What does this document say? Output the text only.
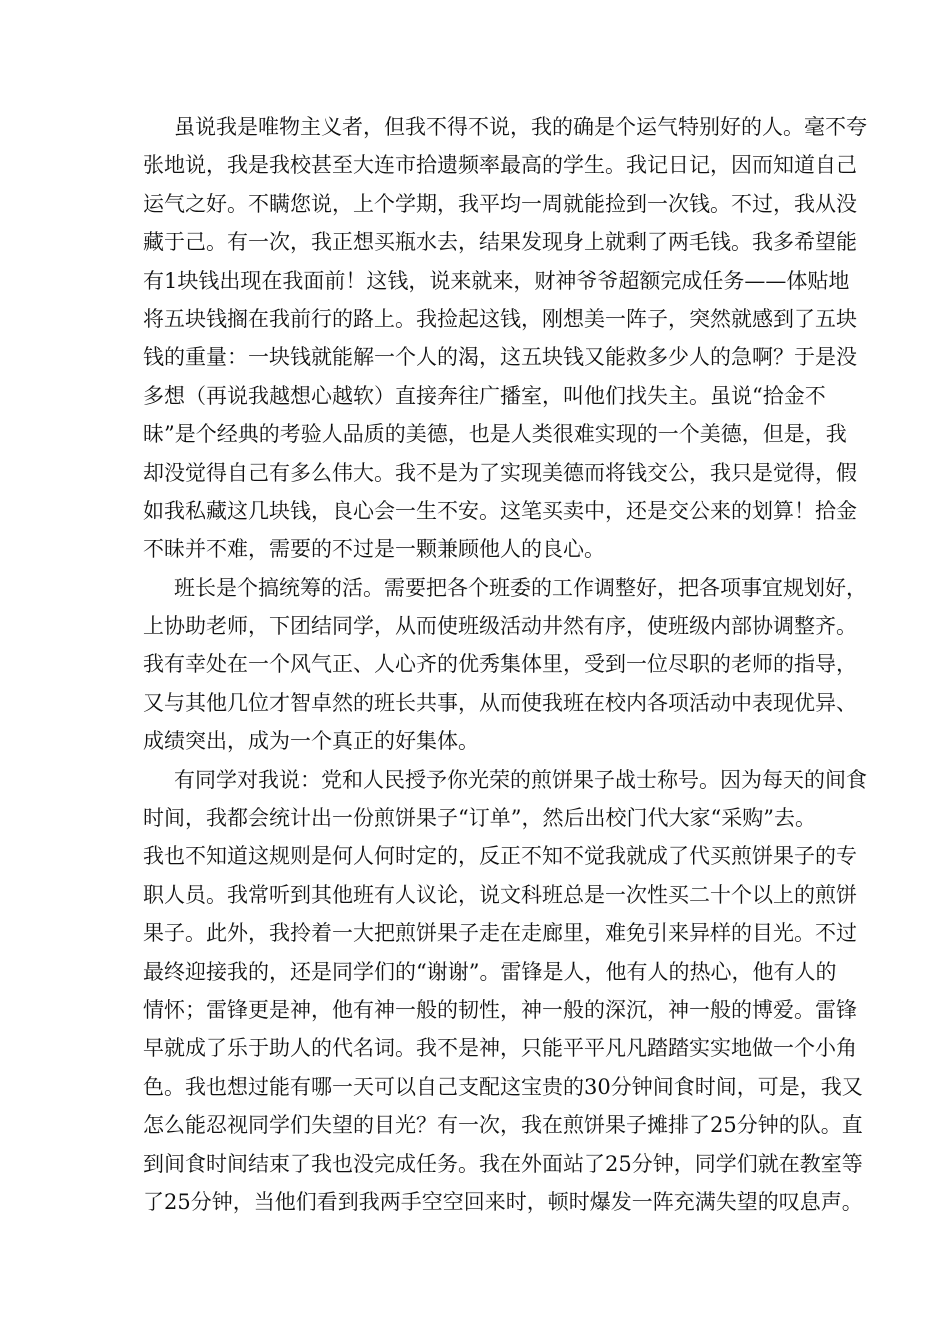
虽说我是唯物主义者，但我不得不说，我的确是个运气特别好的人。毫不夸
张地说，我是我校甚至大连市拾遗频率最高的学生。我记日记，因而知道自己
运气之好。不瞒您说，上个学期，我平均一周就能捡到一次钱。不过，我从没
藏于己。有一次，我正想买瓶水去，结果发现身上就剩了两毛钱。我多希望能
有1块钱出现在我面前！这钱，说来就来，财神爷爷超额完成任务——体贴地
将五块钱搁在我前行的路上。我捡起这钱，刚想美一阵子，突然就感到了五块
钱的重量：一块钱就能解一个人的渴，这五块钱又能救多少人的急啊？于是没
多想（再说我越想心越软）直接奔往广播室，叫他们找失主。虽说“拾金不
昧”是个经典的考验人品质的美德，也是人类很难实现的一个美德，但是，我
却没觉得自己有多么伟大。我不是为了实现美德而将钱交公，我只是觉得，假
如我私藏这几块钱，良心会一生不安。这笔买卖中，还是交公来的划算！拾金
不昧并不难，需要的不过是一颗兼顾他人的良心。
班长是个搞统筹的活。需要把各个班委的工作调整好，把各项事宜规划好，
上协助老师，下团结同学，从而使班级活动井然有序，使班级内部协调整齐。
我有幸处在一个风气正、人心齐的优秀集体里，受到一位尽职的老师的指导，
又与其他几位才智卓然的班长共事，从而使我班在校内各项活动中表现优异、
成绩突出，成为一个真正的好集体。
有同学对我说：党和人民授予你光荣的煎饼果子战士称号。因为每天的间食
时间，我都会统计出一份煎饼果子“订单”，然后出校门代大家“采购”去。
我也不知道这规则是何人何时定的，反正不知不觉我就成了代买煎饼果子的专
职人员。我常听到其他班有人议论，说文科班总是一次性买二十个以上的煎饼
果子。此外，我拎着一大把煎饼果子走在走廊里，难免引来异样的目光。不过
最终迎接我的，还是同学们的“谢谢”。雷锋是人，他有人的热心，他有人的
情怀；雷锋更是神，他有神一般的韧性，神一般的深沉，神一般的博爱。雷锋
早就成了乐于助人的代名词。我不是神，只能平平凡凡踏踏实实地做一个小角
色。我也想过能有哪一天可以自己支配这宝贵的30分钟间食时间，可是，我又
怎么能忍视同学们失望的目光？有一次，我在煎饼果子摊排了25分钟的队。直
到间食时间结束了我也没完成任务。我在外面站了25分钟，同学们就在教室等
了25分钟，当他们看到我两手空空回来时，顿时爆发一阵充满失望的叹息声。
